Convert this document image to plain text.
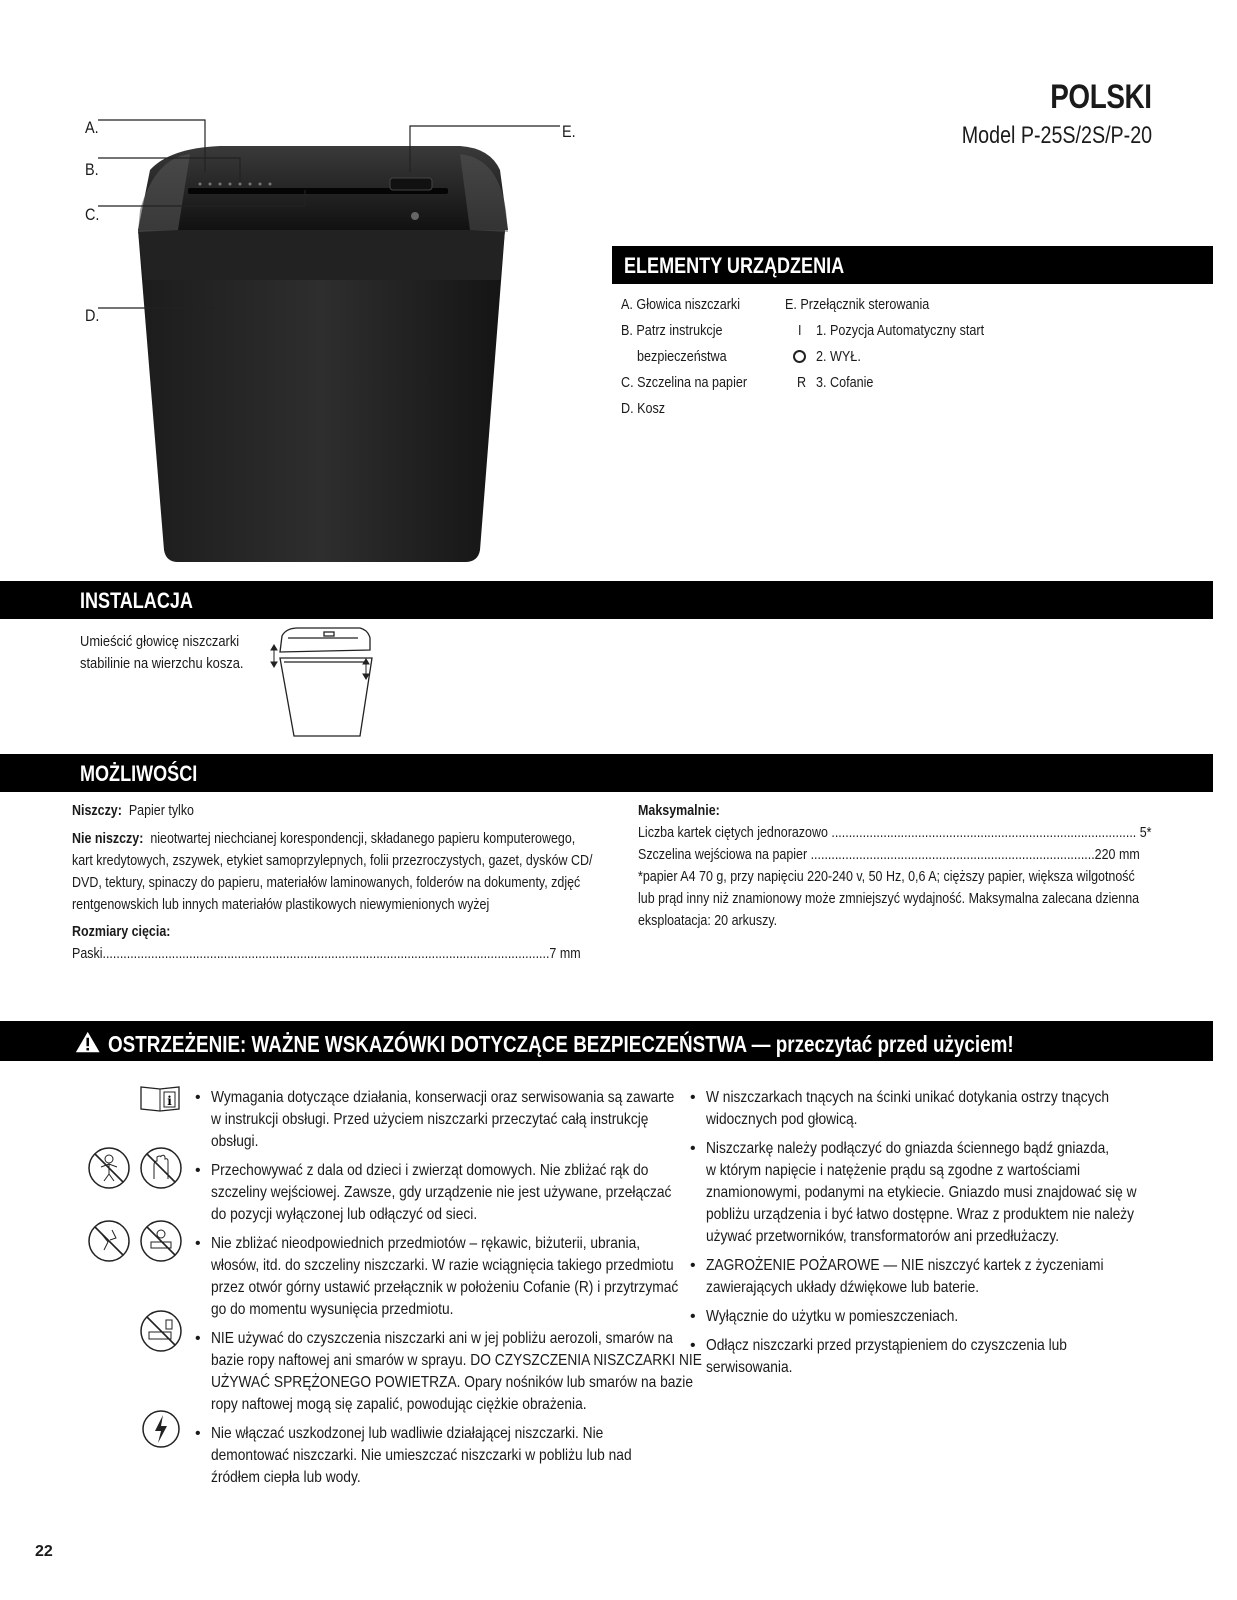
POLSKI
Model P-25S/2S/P-20
A.
B.
C.
D.
E.
ELEMENTY URZĄDZENIA
A. Głowica niszczarki
B. Patrz instrukcje
bezpieczeństwa
C. Szczelina na papier
D. Kosz
E. Przełącznik sterowania
I 1. Pozycja Automatyczny start

2. WYŁ.

R 3. Cofanie

INSTALACJA
Umieścić głowicę niszczarki
stabilinie na wierzchu kosza.
MOŻLIWOŚCI
Niszczy: Papier tylko
Nie niszczy: nieotwartej niechcianej korespondencji, składanego papieru komputerowego,
kart kredytowych, zszywek, etykiet samoprzylepnych, folii przezroczystych, gazet, dysków CD/
DVD, tektury, spinaczy do papieru, materiałów laminowanych, folderów na dokumenty, zdjęć
rentgenowskich lub innych materiałów plastikowych niewymienionych wyżej
Rozmiary cięcia:
Paski.................................................................................................................................7 mm
Maksymalnie:
Liczba kartek ciętych jednorazowo ........................................................................................ 5*
Szczelina wejściowa na papier ..................................................................................220 mm
*papier A4 70 g, przy napięciu 220-240 v, 50 Hz, 0,6 A; cięższy papier, większa wilgotność
lub prąd inny niż znamionowy może zmniejszyć wydajność. Maksymalna zalecana dzienna
eksploatacja: 20 arkuszy.
OSTRZEŻENIE: WAŻNE WSKAZÓWKI DOTYCZĄCE BEZPIECZEŃSTWA — przeczytać przed użyciem!
i • Wymagania dotyczące działania, konserwacji oraz serwisowania są zawarte
w instrukcji obsługi. Przed użyciem niszczarki przeczytać całą instrukcję
obsługi.
• Przechowywać z dala od dzieci i zwierząt domowych. Nie zbliżać rąk do
szczeliny wejściowej. Zawsze, gdy urządzenie nie jest używane, przełączać
do pozycji wyłączonej lub odłączyć od sieci.
• Nie zbliżać nieodpowiednich przedmiotów – rękawic, biżuterii, ubrania,
włosów, itd. do szczeliny niszczarki. W razie wciągnięcia takiego przedmiotu
przez otwór górny ustawić przełącznik w położeniu Cofanie (R) i przytrzymać
go do momentu wysunięcia przedmiotu.
• NIE używać do czyszczenia niszczarki ani w jej pobliżu aerozoli, smarów na
bazie ropy naftowej ani smarów w sprayu. DO CZYSZCZENIA NISZCZARKI NIE
UŻYWAĆ SPRĘŻONEGO POWIETRZA. Opary nośników lub smarów na bazie
ropy naftowej mogą się zapalić, powodując ciężkie obrażenia.
• Nie włączać uszkodzonej lub wadliwie działającej niszczarki. Nie
demontować niszczarki. Nie umieszczać niszczarki w pobliżu lub nad
źródłem ciepła lub wody.
• W niszczarkach tnących na ścinki unikać dotykania ostrzy tnących
widocznych pod głowicą.
• Niszczarkę należy podłączyć do gniazda ściennego bądź gniazda,
w którym napięcie i natężenie prądu są zgodne z wartościami
znamionowymi, podanymi na etykiecie. Gniazdo musi znajdować się w
pobliżu urządzenia i być łatwo dostępne. Wraz z produktem nie należy
używać przetworników, transformatorów ani przedłużaczy.
• ZAGROŻENIE POŻAROWE — NIE niszczyć kartek z życzeniami
zawierających układy dźwiękowe lub baterie.
• Wyłącznie do użytku w pomieszczeniach.
• Odłącz niszczarki przed przystąpieniem do czyszczenia lub
serwisowania.
22
